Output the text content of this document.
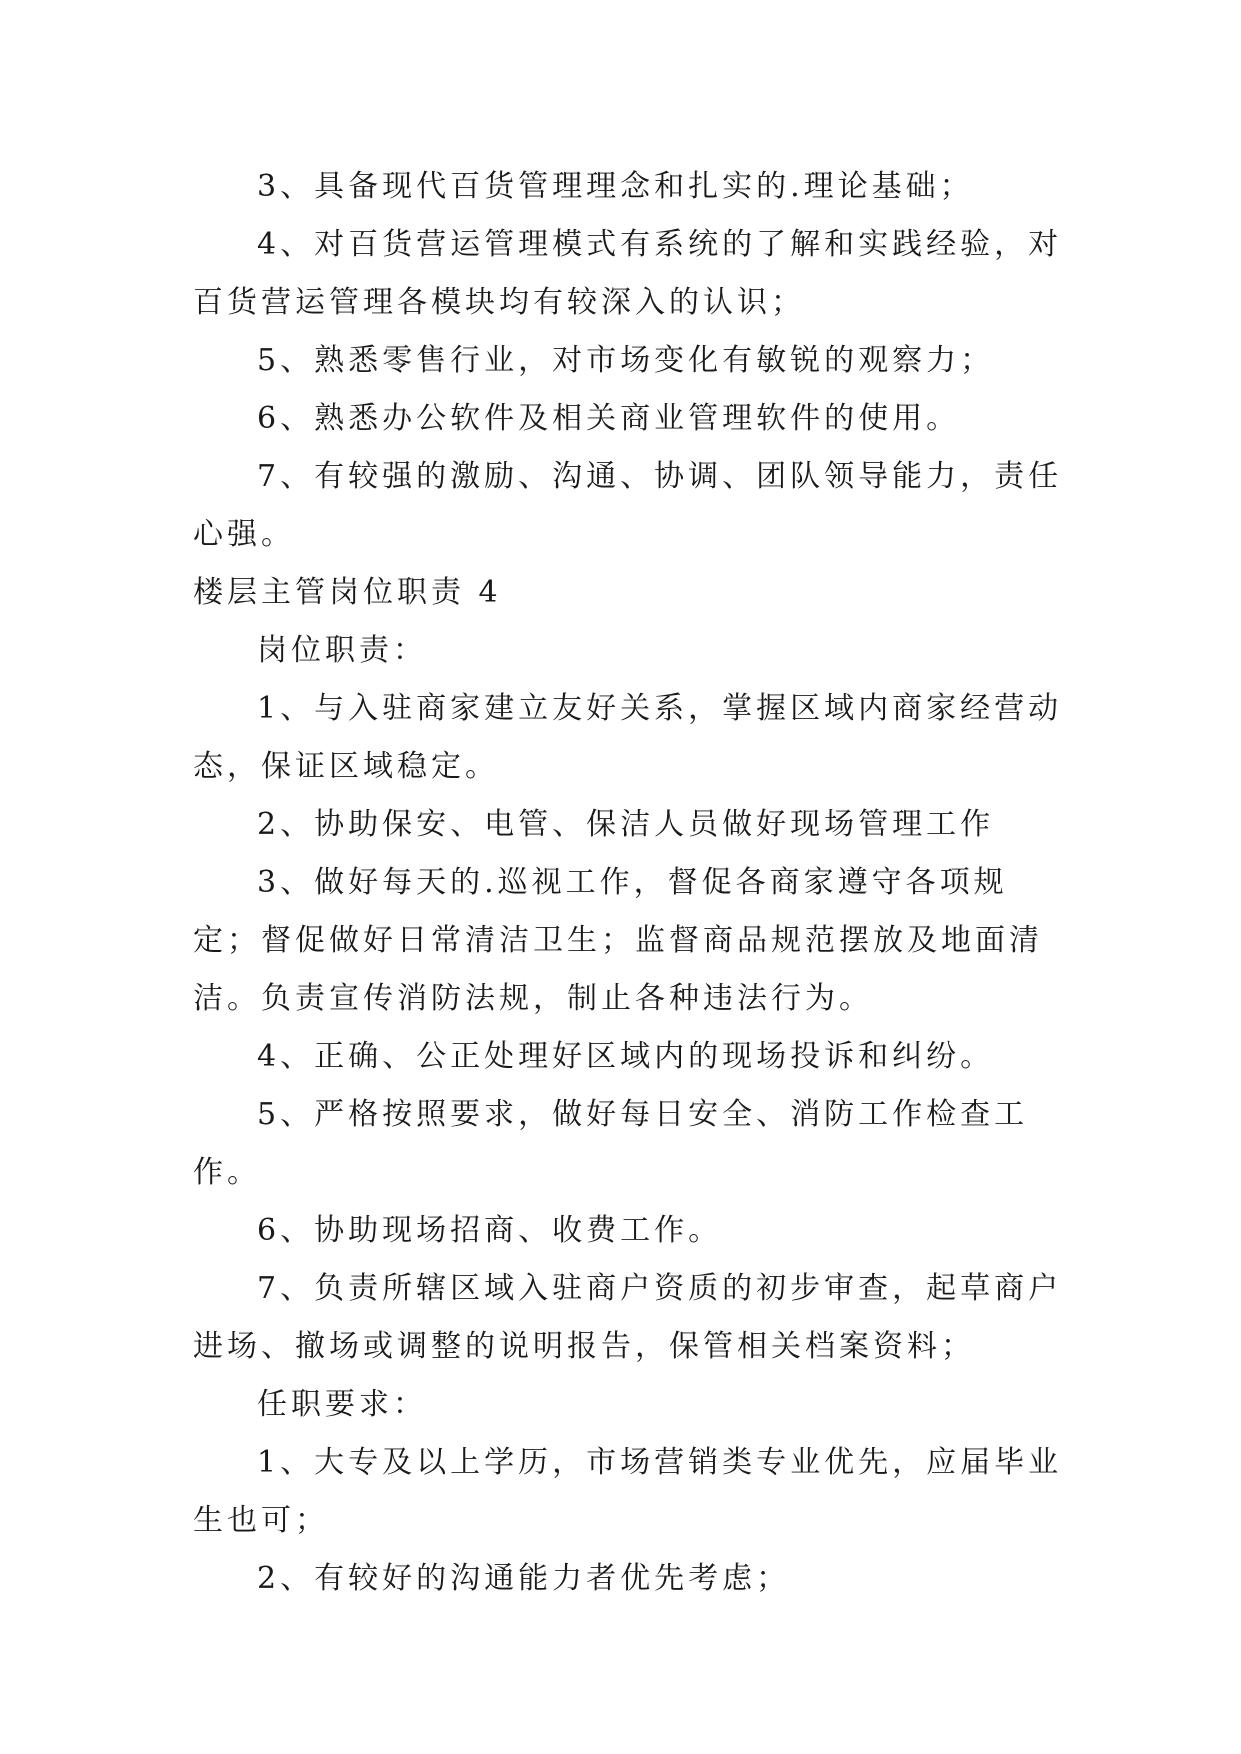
3、具备现代百货管理理念和扎实的.理论基础；

4、对百货营运管理模式有系统的了解和实践经验，对百货营运管理各模块均有较深入的认识；

5、熟悉零售行业，对市场变化有敏锐的观察力；

6、熟悉办公软件及相关商业管理软件的使用。

7、有较强的激励、沟通、协调、团队领导能力，责任心强。

楼层主管岗位职责 4

岗位职责：

1、与入驻商家建立友好关系，掌握区域内商家经营动态，保证区域稳定。

2、协助保安、电管、保洁人员做好现场管理工作

3、做好每天的.巡视工作，督促各商家遵守各项规定；督促做好日常清洁卫生；监督商品规范摆放及地面清洁。负责宣传消防法规，制止各种违法行为。

4、正确、公正处理好区域内的现场投诉和纠纷。

5、严格按照要求，做好每日安全、消防工作检查工作。

6、协助现场招商、收费工作。

7、负责所辖区域入驻商户资质的初步审查，起草商户进场、撤场或调整的说明报告，保管相关档案资料；

任职要求：

1、大专及以上学历，市场营销类专业优先，应届毕业生也可；

2、有较好的沟通能力者优先考虑；
